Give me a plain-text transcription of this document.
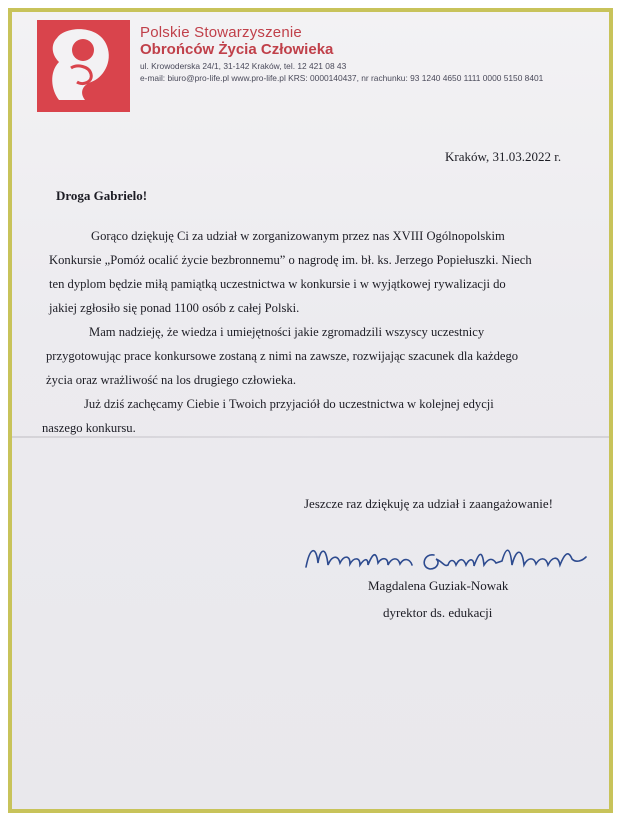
Polskie Stowarzyszenie
Obrońców Życia Człowieka
ul. Krowoderska 24/1, 31-142 Kraków, tel. 12 421 08 43
e-mail: biuro@pro-life.pl www.pro-life.pl KRS: 0000140437, nr rachunku: 93 1240 4650 1111 0000 5150 8401
Kraków, 31.03.2022 r.
Droga Gabrielo!
Gorąco dziękuję Ci za udział w zorganizowanym przez nas XVIII Ogólnopolskim
Konkursie „Pomóż ocalić życie bezbronnemu” o nagrodę im. bł. ks. Jerzego Popiełuszki. Niech
ten dyplom będzie miłą pamiątką uczestnictwa w konkursie i w wyjątkowej rywalizacji do
jakiej zgłosiło się ponad 1100 osób z całej Polski.
Mam nadzieję, że wiedza i umiejętności jakie zgromadzili wszyscy uczestnicy
przygotowując prace konkursowe zostaną z nimi na zawsze, rozwijając szacunek dla każdego
życia oraz wrażliwość na los drugiego człowieka.
Już dziś zachęcamy Ciebie i Twoich przyjaciół do uczestnictwa w kolejnej edycji
naszego konkursu.
Jeszcze raz dziękuję za udział i zaangażowanie!
Magdalena Guziak-Nowak
dyrektor ds. edukacji
